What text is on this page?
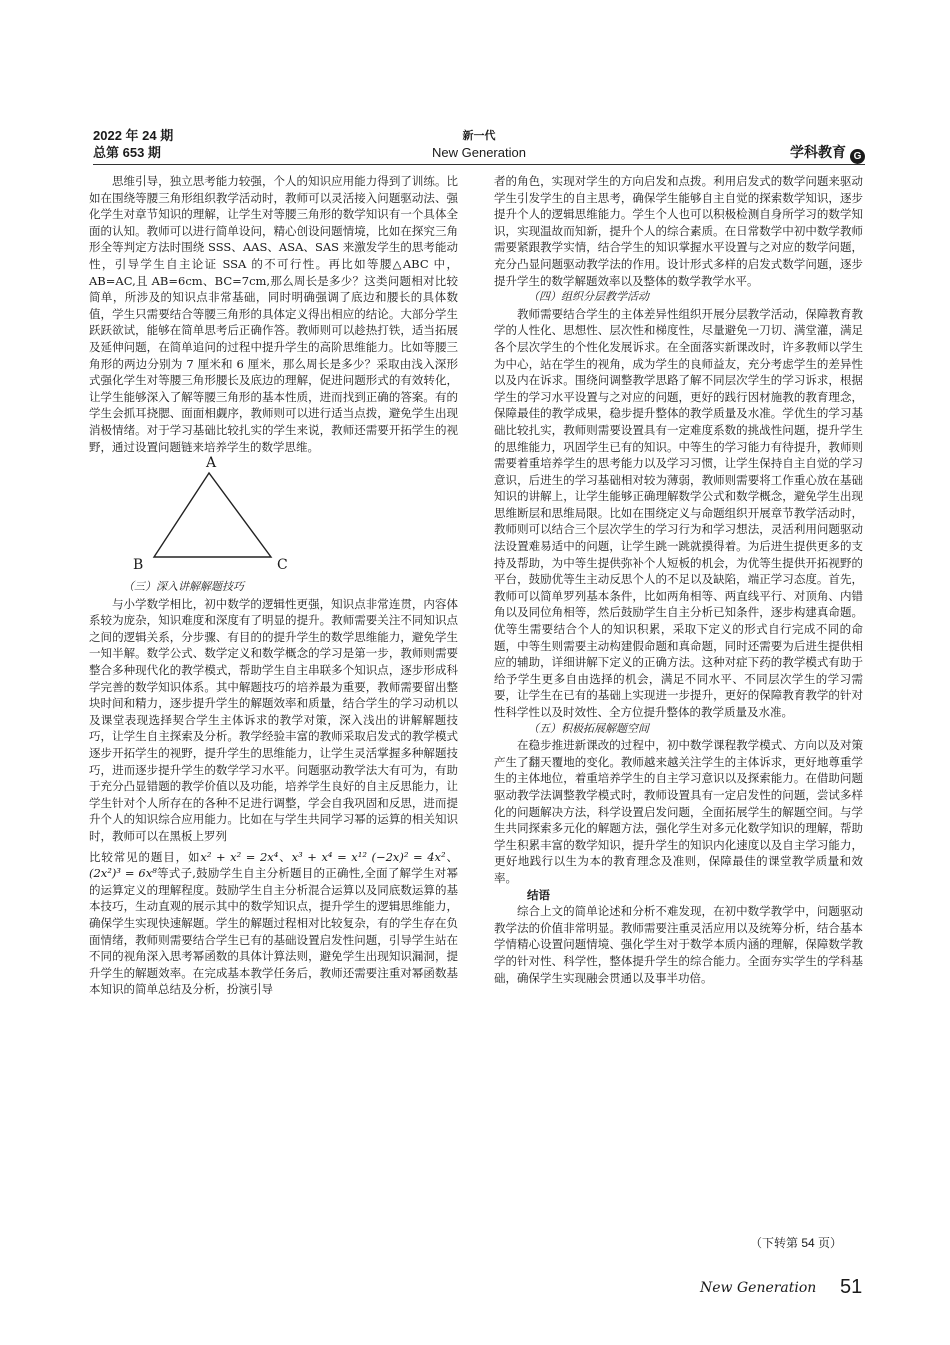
2022 年 24 期
总第 653 期
新一代
New Generation	学科教育 G

思维引导，独立思考能力较强，个人的知识应用能力得到了训练。比如在围绕等腰三角形组织教学活动时，教师可以灵活接入问题驱动法、强化学生对章节知识的理解，让学生对等腰三角形的数学知识有一个具体全面的认知。教师可以进行简单设问，精心创设问题情境，比如在探究三角形全等判定方法时围绕 SSS、AAS、ASA、SAS 来激发学生的思考能动性，引导学生自主论证 SSA 的不可行性。再比如等腰△ABC 中，AB=AC,且 AB=6cm、BC=7cm,那么周长是多少？这类问题相对比较简单，所涉及的知识点非常基础，同时明确强调了底边和腰长的具体数值，学生只需要结合等腰三角形的具体定义得出相应的结论。大部分学生跃跃欲试，能够在简单思考后正确作答。教师则可以趁热打铁，适当拓展及延伸问题，在简单追问的过程中提升学生的高阶思维能力。比如等腰三角形的两边分别为 7 厘米和 6 厘米，那么周长是多少？采取由浅入深形式强化学生对等腰三角形腰长及底边的理解，促进问题形式的有效转化，让学生能够深入了解等腰三角形的基本性质，进而找到正确的答案。有的学生会抓耳挠腮、面面相觑序，教师则可以进行适当点拨，避免学生出现消极情绪。对于学习基础比较扎实的学生来说，教师还需要开拓学生的视野，通过设置问题链来培养学生的数学思维。

A
B	C

（三）深入讲解解题技巧

与小学数学相比，初中数学的逻辑性更强，知识点非常连贯，内容体系较为庞杂，知识难度和深度有了明显的提升。教师需要关注不同知识点之间的逻辑关系，分步骤、有目的的提升学生的数学思维能力，避免学生一知半解。数学公式、数学定义和数学概念的学习是第一步，教师则需要整合多种现代化的教学模式，帮助学生自主串联多个知识点，逐步形成科学完善的数学知识体系。其中解题技巧的培养最为重要，教师需要留出整块时间和精力，逐步提升学生的解题效率和质量，结合学生的学习动机以及课堂表现选择契合学生主体诉求的教学对策，深入浅出的讲解解题技巧，让学生自主探索及分析。教学经验丰富的教师采取启发式的教学模式逐步开拓学生的视野，提升学生的思维能力，让学生灵活掌握多种解题技巧，进而逐步提升学生的数学学习水平。问题驱动教学法大有可为，有助于充分凸显错题的教学价值以及功能，培养学生良好的自主反思能力，让学生针对个人所存在的各种不足进行调整，学会自我巩固和反思，进而提升个人的知识综合应用能力。比如在与学生共同学习幂的运算的相关知识时，教师可以在黑板上罗列

比较常见的题目，如x² + x² = 2x⁴、x³ + x⁴ = x¹² (−2x)² = 4x²、(2x²)³ = 6x⁸等式子,鼓励学生自主分析题目的正确性,全面了解学生对幂的运算定义的理解程度。鼓励学生自主分析混合运算以及同底数运算的基本技巧，生动直观的展示其中的数学知识点，提升学生的逻辑思维能力，确保学生实现快速解题。学生的解题过程相对比较复杂，有的学生存在负面情绪，教师则需要结合学生已有的基础设置启发性问题，引导学生站在不同的视角深入思考幂函数的具体计算法则，避免学生出现知识漏洞，提升学生的解题效率。在完成基本教学任务后，教师还需要注重对幂函数基本知识的简单总结及分析，扮演引导

者的角色，实现对学生的方向启发和点拨。利用启发式的数学问题来驱动学生引发学生的自主思考，确保学生能够自主自觉的探索数学知识，逐步提升个人的逻辑思维能力。学生个人也可以积极检测自身所学习的数学知识，实现温故而知新，提升个人的综合素质。在日常数学中初中数学教师需要紧跟教学实情，结合学生的知识掌握水平设置与之对应的数学问题，充分凸显问题驱动教学法的作用。设计形式多样的启发式数学问题，逐步提升学生的数学解题效率以及整体的数学教学水平。

（四）组织分层教学活动

教师需要结合学生的主体差异性组织开展分层教学活动，保障教育教学的人性化、思想性、层次性和梯度性，尽量避免一刀切、满堂灌，满足各个层次学生的个性化发展诉求。在全面落实新课改时，许多教师以学生为中心，站在学生的视角，成为学生的良师益友，充分考虑学生的差异性以及内在诉求。围绕问调整教学思路了解不同层次学生的学习诉求，根据学生的学习水平设置与之对应的问题，更好的践行因材施教的教育理念，保障最佳的教学成果，稳步提升整体的教学质量及水准。学优生的学习基础比较扎实，教师则需要设置具有一定难度系数的挑战性问题，提升学生的思维能力，巩固学生已有的知识。中等生的学习能力有待提升，教师则需要着重培养学生的思考能力以及学习习惯，让学生保持自主自觉的学习意识，后进生的学习基础相对较为薄弱，教师则需要将工作重心放在基础知识的讲解上，让学生能够正确理解数学公式和数学概念，避免学生出现思维断层和思维局限。比如在围绕定义与命题组织开展章节教学活动时，教师则可以结合三个层次学生的学习行为和学习想法，灵活利用问题驱动法设置难易适中的问题，让学生跳一跳就摸得着。为后进生提供更多的支持及帮助，为中等生提供弥补个人短板的机会，为优等生提供开拓视野的平台，鼓励优等生主动反思个人的不足以及缺陷，端正学习态度。首先，教师可以简单罗列基本条件，比如两角相等、两直线平行、对顶角、内错角以及同位角相等，然后鼓励学生自主分析已知条件，逐步构建真命题。优等生需要结合个人的知识积累，采取下定义的形式自行完成不同的命题，中等生则需要主动构建假命题和真命题，同时还需要为后进生提供相应的辅助，详细讲解下定义的正确方法。这种对症下药的教学模式有助于给予学生更多自由选择的机会，满足不同水平、不同层次学生的学习需要，让学生在已有的基础上实现进一步提升，更好的保障教育教学的针对性科学性以及时效性、全方位提升整体的教学质量及水准。

（五）积极拓展解题空间

在稳步推进新课改的过程中，初中数学课程教学模式、方向以及对策产生了翻天覆地的变化。教师越来越关注学生的主体诉求，更好地尊重学生的主体地位，着重培养学生的自主学习意识以及探索能力。在借助问题驱动教学法调整教学模式时，教师设置具有一定启发性的问题，尝试多样化的问题解决方法，科学设置启发问题，全面拓展学生的解题空间。与学生共同探索多元化的解题方法，强化学生对多元化数学知识的理解，帮助学生积累丰富的数学知识，提升学生的知识内化速度以及自主学习能力，更好地践行以生为本的教育理念及准则，保障最佳的课堂教学质量和效率。

结语

综合上文的简单论述和分析不难发现，在初中数学教学中，问题驱动教学法的价值非常明显。教师需要注重灵活应用以及统筹分析，结合基本学情精心设置问题情境、强化学生对于数学本质内涵的理解，保障数学教学的针对性、科学性，整体提升学生的综合能力。全面夯实学生的学科基础，确保学生实现融会贯通以及事半功倍。

（下转第 54 页）
New Generation 51
